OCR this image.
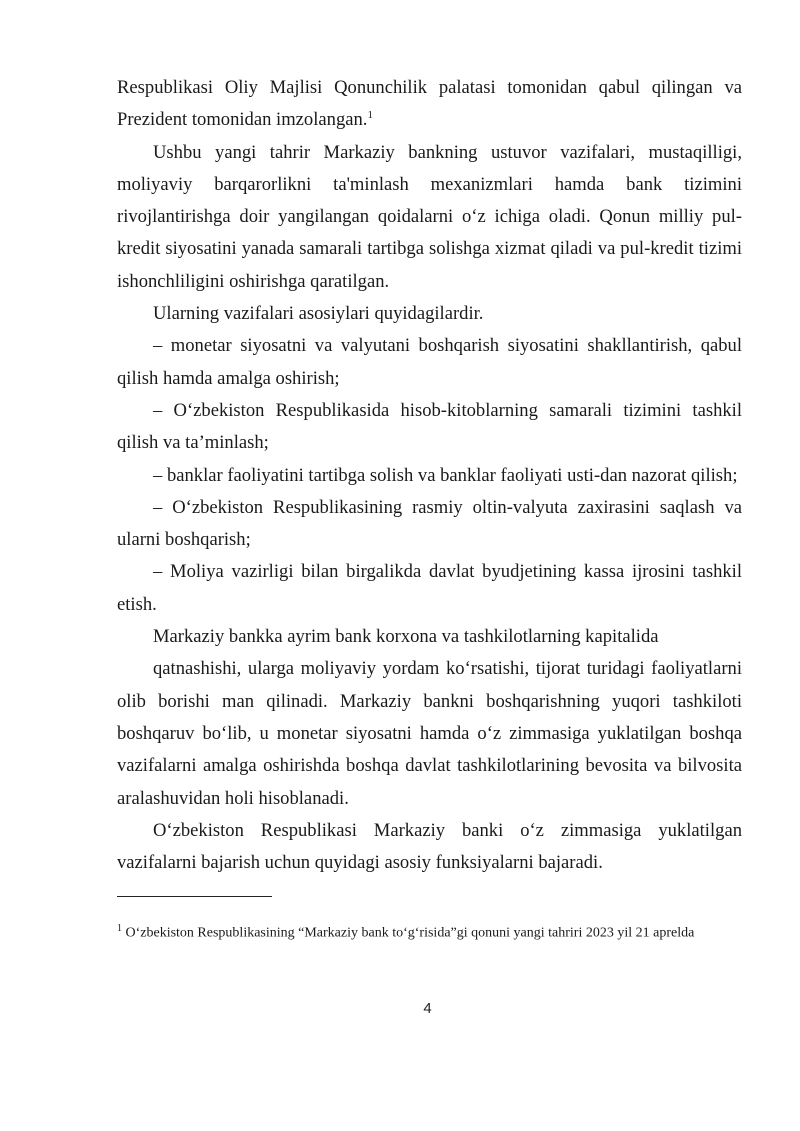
Respublikasi Oliy Majlisi Qonunchilik palatasi tomonidan qabul qilingan va Prezident tomonidan imzolangan.$^1$

Ushbu yangi tahrir Markaziy bankning ustuvor vazifalari, mustaqilligi, moliyaviy barqarorlikni ta'minlash mexanizmlari hamda bank tizimini rivojlantirishga doir yangilangan qoidalarni o‘z ichiga oladi. Qonun milliy pul-kredit siyosatini yanada samarali tartibga solishga xizmat qiladi va pul-kredit tizimi ishonchliligini oshirishga qaratilgan.

Ularning vazifalari asosiylari quyidagilardir.

– monetar siyosatni va valyutani boshqarish siyosatini shakllantirish, qabul qilish hamda amalga oshirish;

– O‘zbekiston Respublikasida hisob-kitoblarning samarali tizimini tashkil qilish va ta’minlash;

– banklar faoliyatini tartibga solish va banklar faoliyati usti-dan nazorat qilish;

– O‘zbekiston Respublikasining rasmiy oltin-valyuta zaxirasini saqlash va ularni boshqarish;

– Moliya vazirligi bilan birgalikda davlat byudjetining kassa ijrosini tashkil etish.

Markaziy bankka ayrim bank korxona va tashkilotlarning kapitalida

qatnashishi, ularga moliyaviy yordam ko‘rsatishi, tijorat turidagi faoliyatlarni olib borishi man qilinadi. Markaziy bankni boshqarishning yuqori tashkiloti boshqaruv bo‘lib, u monetar siyosatni hamda o‘z zimmasiga yuklatilgan boshqa vazifalarni amalga oshirishda boshqa davlat tashkilotlarining bevosita va bilvosita aralashuvidan holi hisoblanadi.

O‘zbekiston Respublikasi Markaziy banki o‘z zimmasiga yuklatilgan vazifalarni bajarish uchun quyidagi asosiy funksiyalarni bajaradi.

$^1$ O‘zbekiston Respublikasining “Markaziy bank to‘g‘risida”gi qonuni yangi tahriri 2023 yil 21 aprelda
4
